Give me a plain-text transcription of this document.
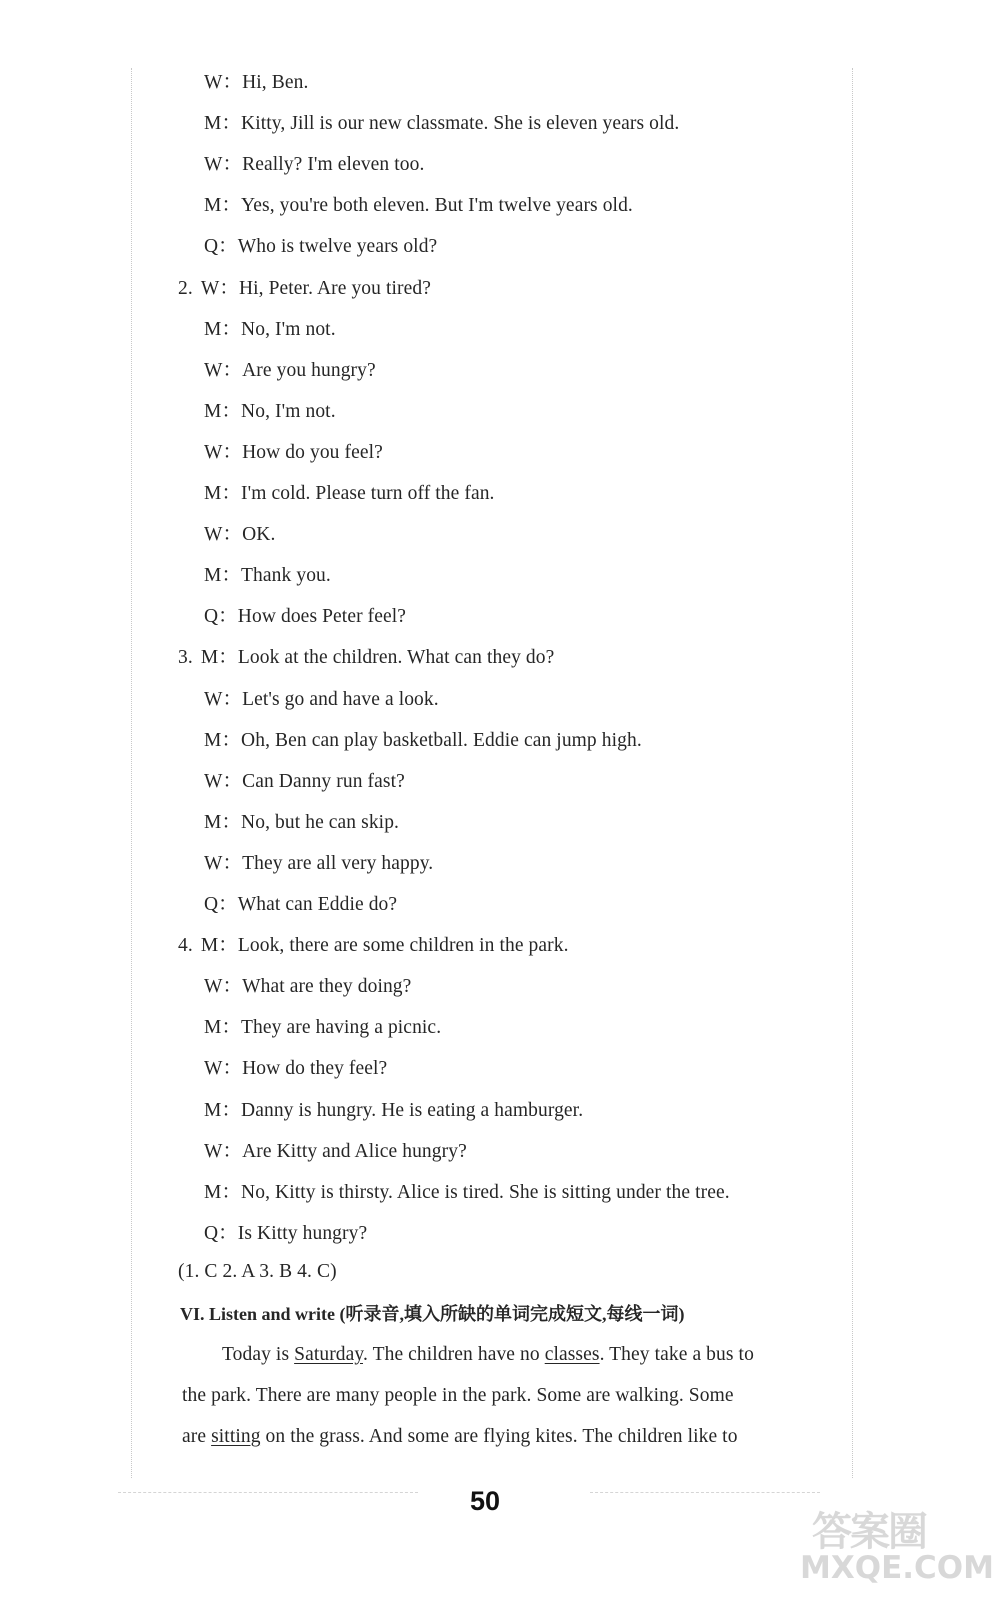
W：Hi, Ben.
M：Kitty, Jill is our new classmate. She is eleven years old.
W：Really? I'm eleven too.
M：Yes, you're both eleven. But I'm twelve years old.
Q：Who is twelve years old?
2. W：Hi, Peter. Are you tired?
M：No, I'm not.
W：Are you hungry?
M：No, I'm not.
W：How do you feel?
M：I'm cold. Please turn off the fan.
W：OK.
M：Thank you.
Q：How does Peter feel?
3. M：Look at the children. What can they do?
W：Let's go and have a look.
M：Oh, Ben can play basketball. Eddie can jump high.
W：Can Danny run fast?
M：No, but he can skip.
W：They are all very happy.
Q：What can Eddie do?
4. M：Look, there are some children in the park.
W：What are they doing?
M：They are having a picnic.
W：How do they feel?
M：Danny is hungry. He is eating a hamburger.
W：Are Kitty and Alice hungry?
M：No, Kitty is thirsty. Alice is tired. She is sitting under the tree.
Q：Is Kitty hungry?
(1. C 2. A 3. B 4. C)
VI. Listen and write (听录音,填入所缺的单词完成短文,每线一词)
Today is Saturday. The children have no classes. They take a bus to
the park. There are many people in the park. Some are walking. Some
are sitting on the grass. And some are flying kites. The children like to
50
答案圈
MXQE.COM
